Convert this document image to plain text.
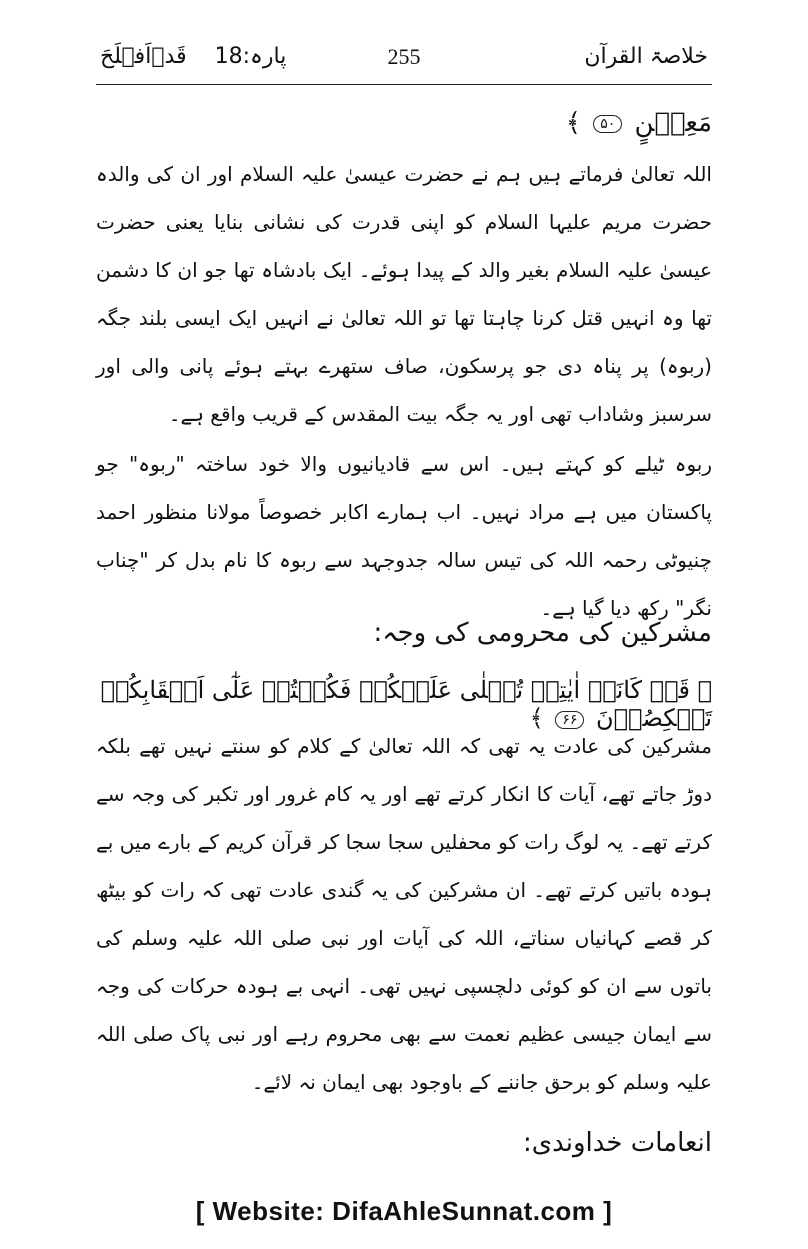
خلاصۃ القرآن
255
پارہ:18    قَدۡاَفۡلَحَ
مَعِيۡنٍ ۵۰ ﴾
اللہ تعالیٰ فرماتے ہیں ہم نے حضرت عیسیٰ علیہ السلام اور ان کی والدہ حضرت مریم علیہا السلام کو اپنی قدرت کی نشانی بنایا یعنی حضرت عیسیٰ علیہ السلام بغیر والد کے پیدا ہوئے۔ ایک بادشاہ تھا جو ان کا دشمن تھا وہ انہیں قتل کرنا چاہتا تھا تو اللہ تعالیٰ نے انہیں ایک ایسی بلند جگہ (ربوہ) پر پناہ دی جو پرسکون، صاف ستھرے بہتے ہوئے پانی والی اور سرسبز وشاداب تھی اور یہ جگہ بیت المقدس کے قریب واقع ہے۔
ربوہ ٹیلے کو کہتے ہیں۔ اس سے قادیانیوں والا خود ساختہ "ربوہ" جو پاکستان میں ہے مراد نہیں۔ اب ہمارے اکابر خصوصاً مولانا منظور احمد چنیوٹی رحمہ اللہ کی تیس سالہ جدوجہد سے ربوہ کا نام بدل کر "چناب نگر" رکھ دیا گیا ہے۔
مشرکین کی محرومی کی وجہ:
﴿ قَدۡ كَانَتۡ اٰيٰتِىۡ تُتۡلٰى عَلَيۡكُمۡ فَكُنۡتُمۡ عَلٰٓى اَعۡقَابِكُمۡ تَنۡكِصُوۡنَ ۶۶ ﴾
مشرکین کی عادت یہ تھی کہ اللہ تعالیٰ کے کلام کو سنتے نہیں تھے بلکہ دوڑ جاتے تھے، آیات کا انکار کرتے تھے اور یہ کام غرور اور تکبر کی وجہ سے کرتے تھے۔ یہ لوگ رات کو محفلیں سجا سجا کر قرآن کریم کے بارے میں بے ہودہ باتیں کرتے تھے۔ ان مشرکین کی یہ گندی عادت تھی کہ رات کو بیٹھ کر قصے کہانیاں سناتے، اللہ کی آیات اور نبی صلی اللہ علیہ وسلم کی باتوں سے ان کو کوئی دلچسپی نہیں تھی۔ انہی بے ہودہ حرکات کی وجہ سے ایمان جیسی عظیم نعمت سے بھی محروم رہے اور نبی پاک صلی اللہ علیہ وسلم کو برحق جاننے کے باوجود بھی ایمان نہ لائے۔
انعامات خداوندی:
[ Website: DifaAhleSunnat.com ]
